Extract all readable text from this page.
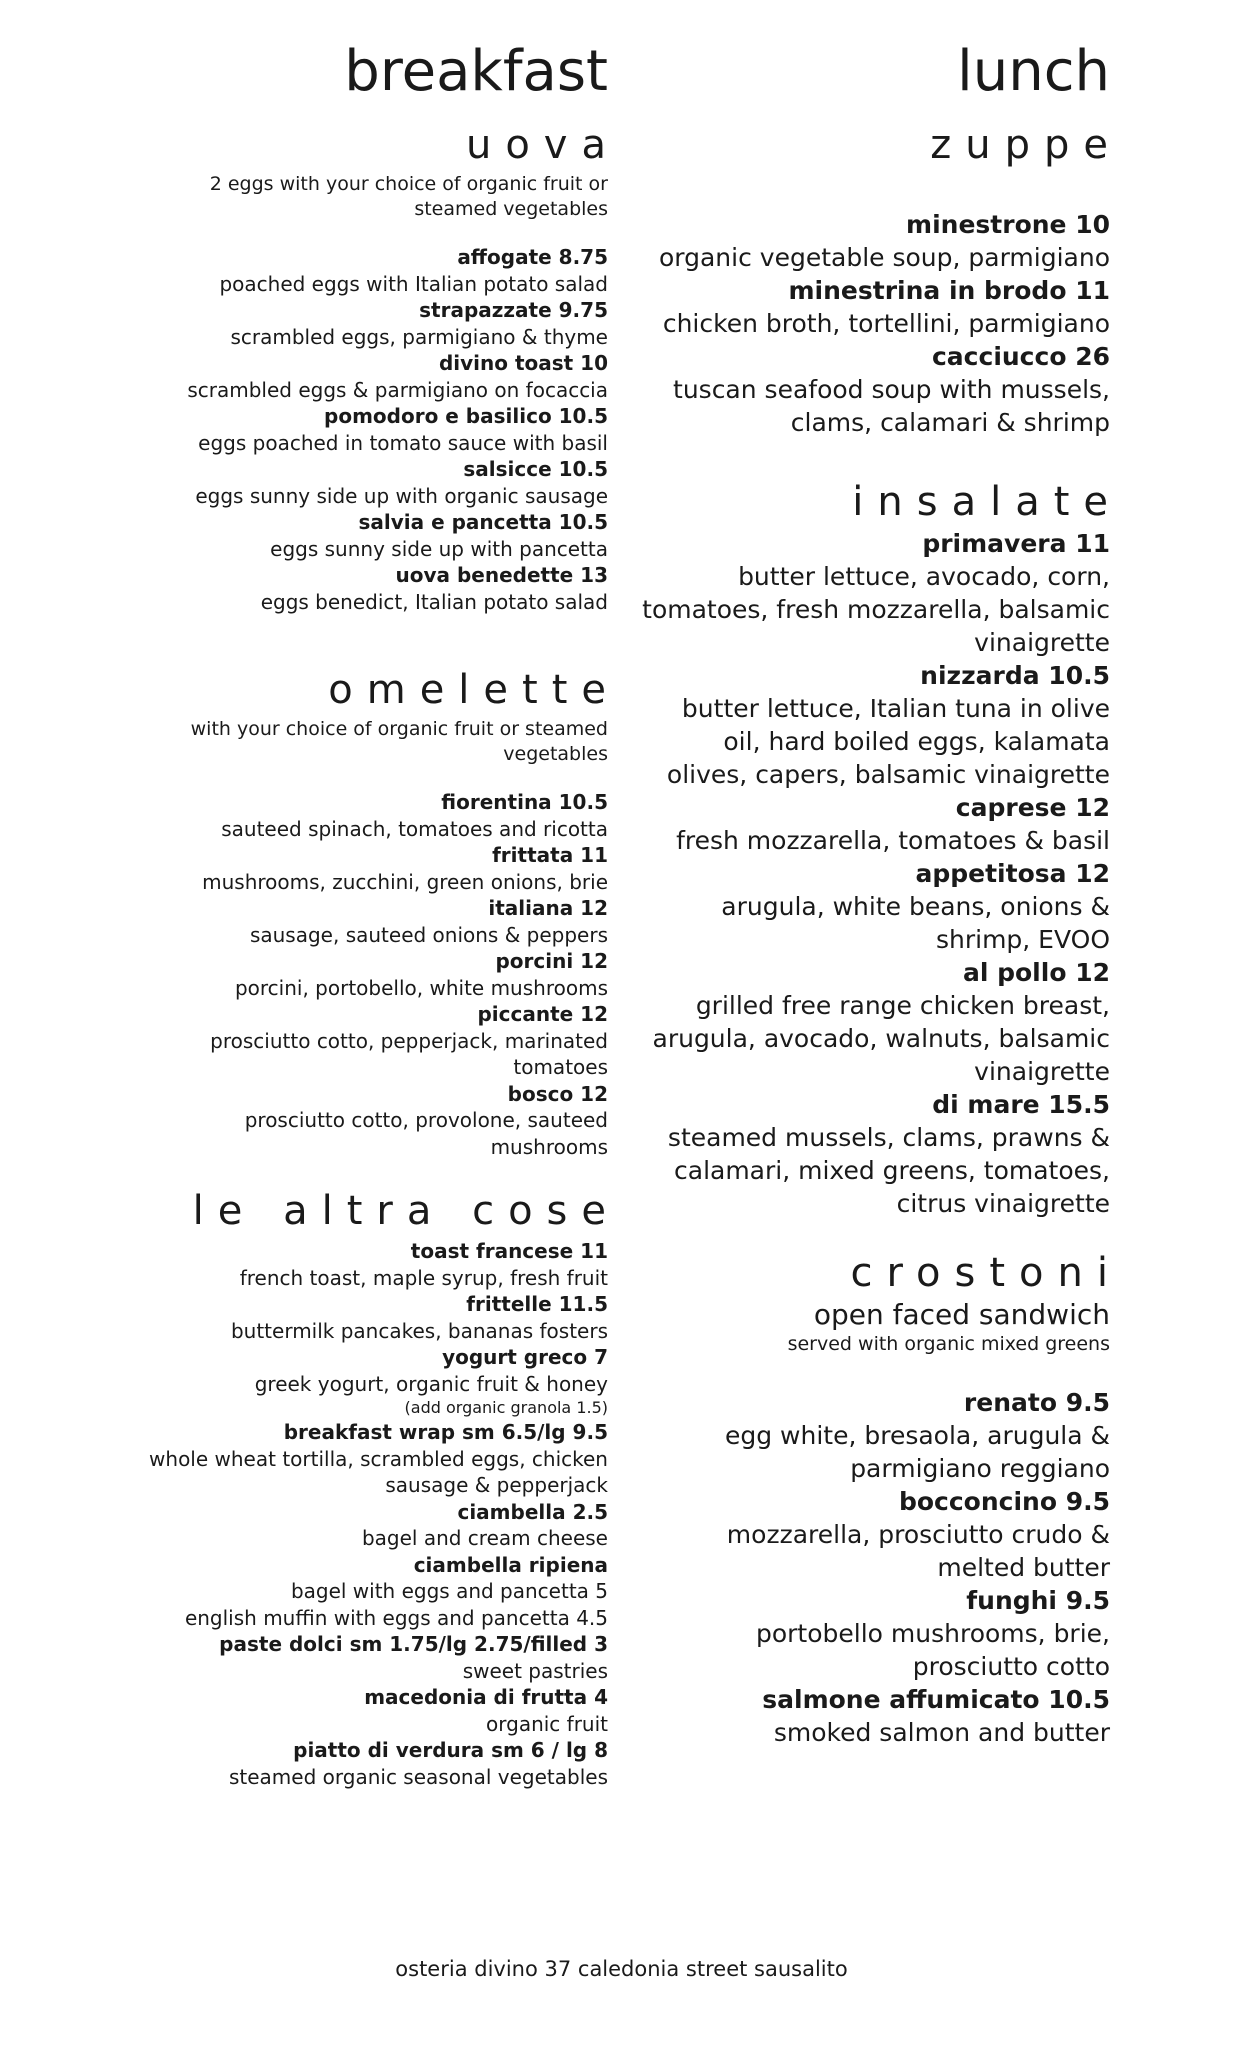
breakfast
uova
2 eggs with your choice of organic fruit or steamed vegetables
affogate 8.75
poached eggs with Italian potato salad
strapazzate 9.75
scrambled eggs, parmigiano & thyme
divino toast 10
scrambled eggs & parmigiano on focaccia
pomodoro e basilico 10.5
eggs poached in tomato sauce with basil
salsicce 10.5
eggs sunny side up with organic sausage
salvia e pancetta 10.5
eggs sunny side up with pancetta
uova benedette 13
eggs benedict, Italian potato salad
omelette
with your choice of organic fruit or steamed vegetables
fiorentina 10.5
sauteed spinach, tomatoes and ricotta
frittata 11
mushrooms, zucchini, green onions, brie
italiana 12
sausage, sauteed onions & peppers
porcini 12
porcini, portobello, white mushrooms
piccante 12
prosciutto cotto, pepperjack, marinated tomatoes
bosco 12
prosciutto cotto, provolone, sauteed mushrooms
le altra cose
toast francese 11
french toast, maple syrup, fresh fruit
frittelle 11.5
buttermilk pancakes, bananas fosters
yogurt greco 7
greek yogurt, organic fruit & honey
(add organic granola 1.5)
breakfast wrap sm 6.5/lg 9.5
whole wheat tortilla, scrambled eggs, chicken sausage & pepperjack
ciambella 2.5
bagel and cream cheese
ciambella ripiena
bagel with eggs and pancetta 5
english muffin with eggs and pancetta 4.5
paste dolci sm 1.75/lg 2.75/filled 3
sweet pastries
macedonia di frutta 4
organic fruit
piatto di verdura sm 6 / lg 8
steamed organic seasonal vegetables
lunch
zuppe
minestrone 10
organic vegetable soup, parmigiano
minestrina in brodo 11
chicken broth, tortellini, parmigiano
cacciucco 26
tuscan seafood soup with mussels, clams, calamari & shrimp
insalate
primavera 11
butter lettuce, avocado, corn, tomatoes, fresh mozzarella, balsamic vinaigrette
nizzarda 10.5
butter lettuce, Italian tuna in olive oil, hard boiled eggs, kalamata olives, capers, balsamic vinaigrette
caprese 12
fresh mozzarella, tomatoes & basil
appetitosa 12
arugula, white beans, onions & shrimp, EVOO
al pollo 12
grilled free range chicken breast, arugula, avocado, walnuts, balsamic vinaigrette
di mare 15.5
steamed mussels, clams, prawns & calamari, mixed greens, tomatoes, citrus vinaigrette
crostoni
open faced sandwich
served with organic mixed greens
renato 9.5
egg white, bresaola, arugula & parmigiano reggiano
bocconcino 9.5
mozzarella, prosciutto crudo & melted butter
funghi 9.5
portobello mushrooms, brie, prosciutto cotto
salmone affumicato 10.5
smoked salmon and butter
osteria divino 37 caledonia street sausalito
